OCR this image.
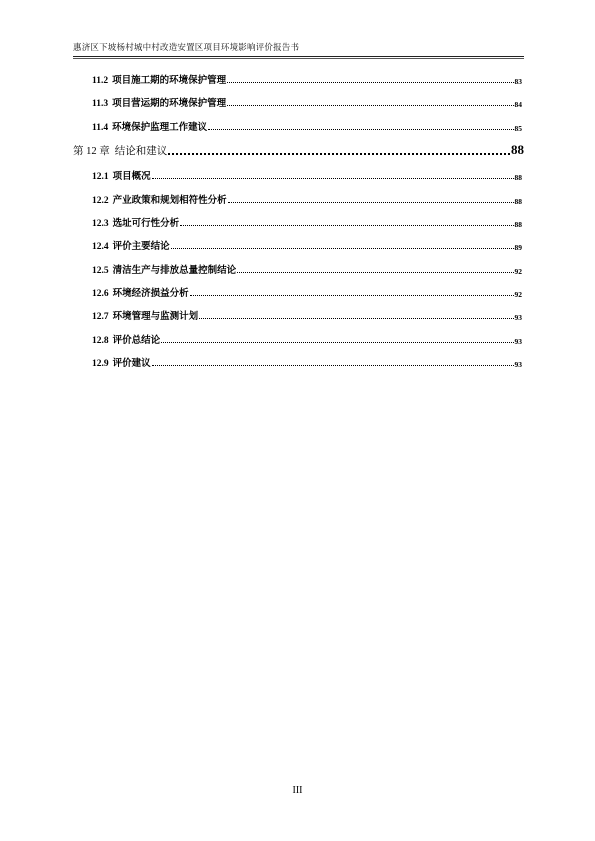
惠济区下坡杨村城中村改造安置区项目环境影响评价报告书
11.2 项目施工期的环境保护管理	83
11.3 项目营运期的环境保护管理	84
11.4 环境保护监理工作建议	85
第 12 章 结论和建议	88
12.1 项目概况	88
12.2 产业政策和规划相符性分析	88
12.3 选址可行性分析	88
12.4 评价主要结论	89
12.5 清洁生产与排放总量控制结论	92
12.6 环境经济损益分析	92
12.7 环境管理与监测计划	93
12.8 评价总结论	93
12.9 评价建议	93
III
